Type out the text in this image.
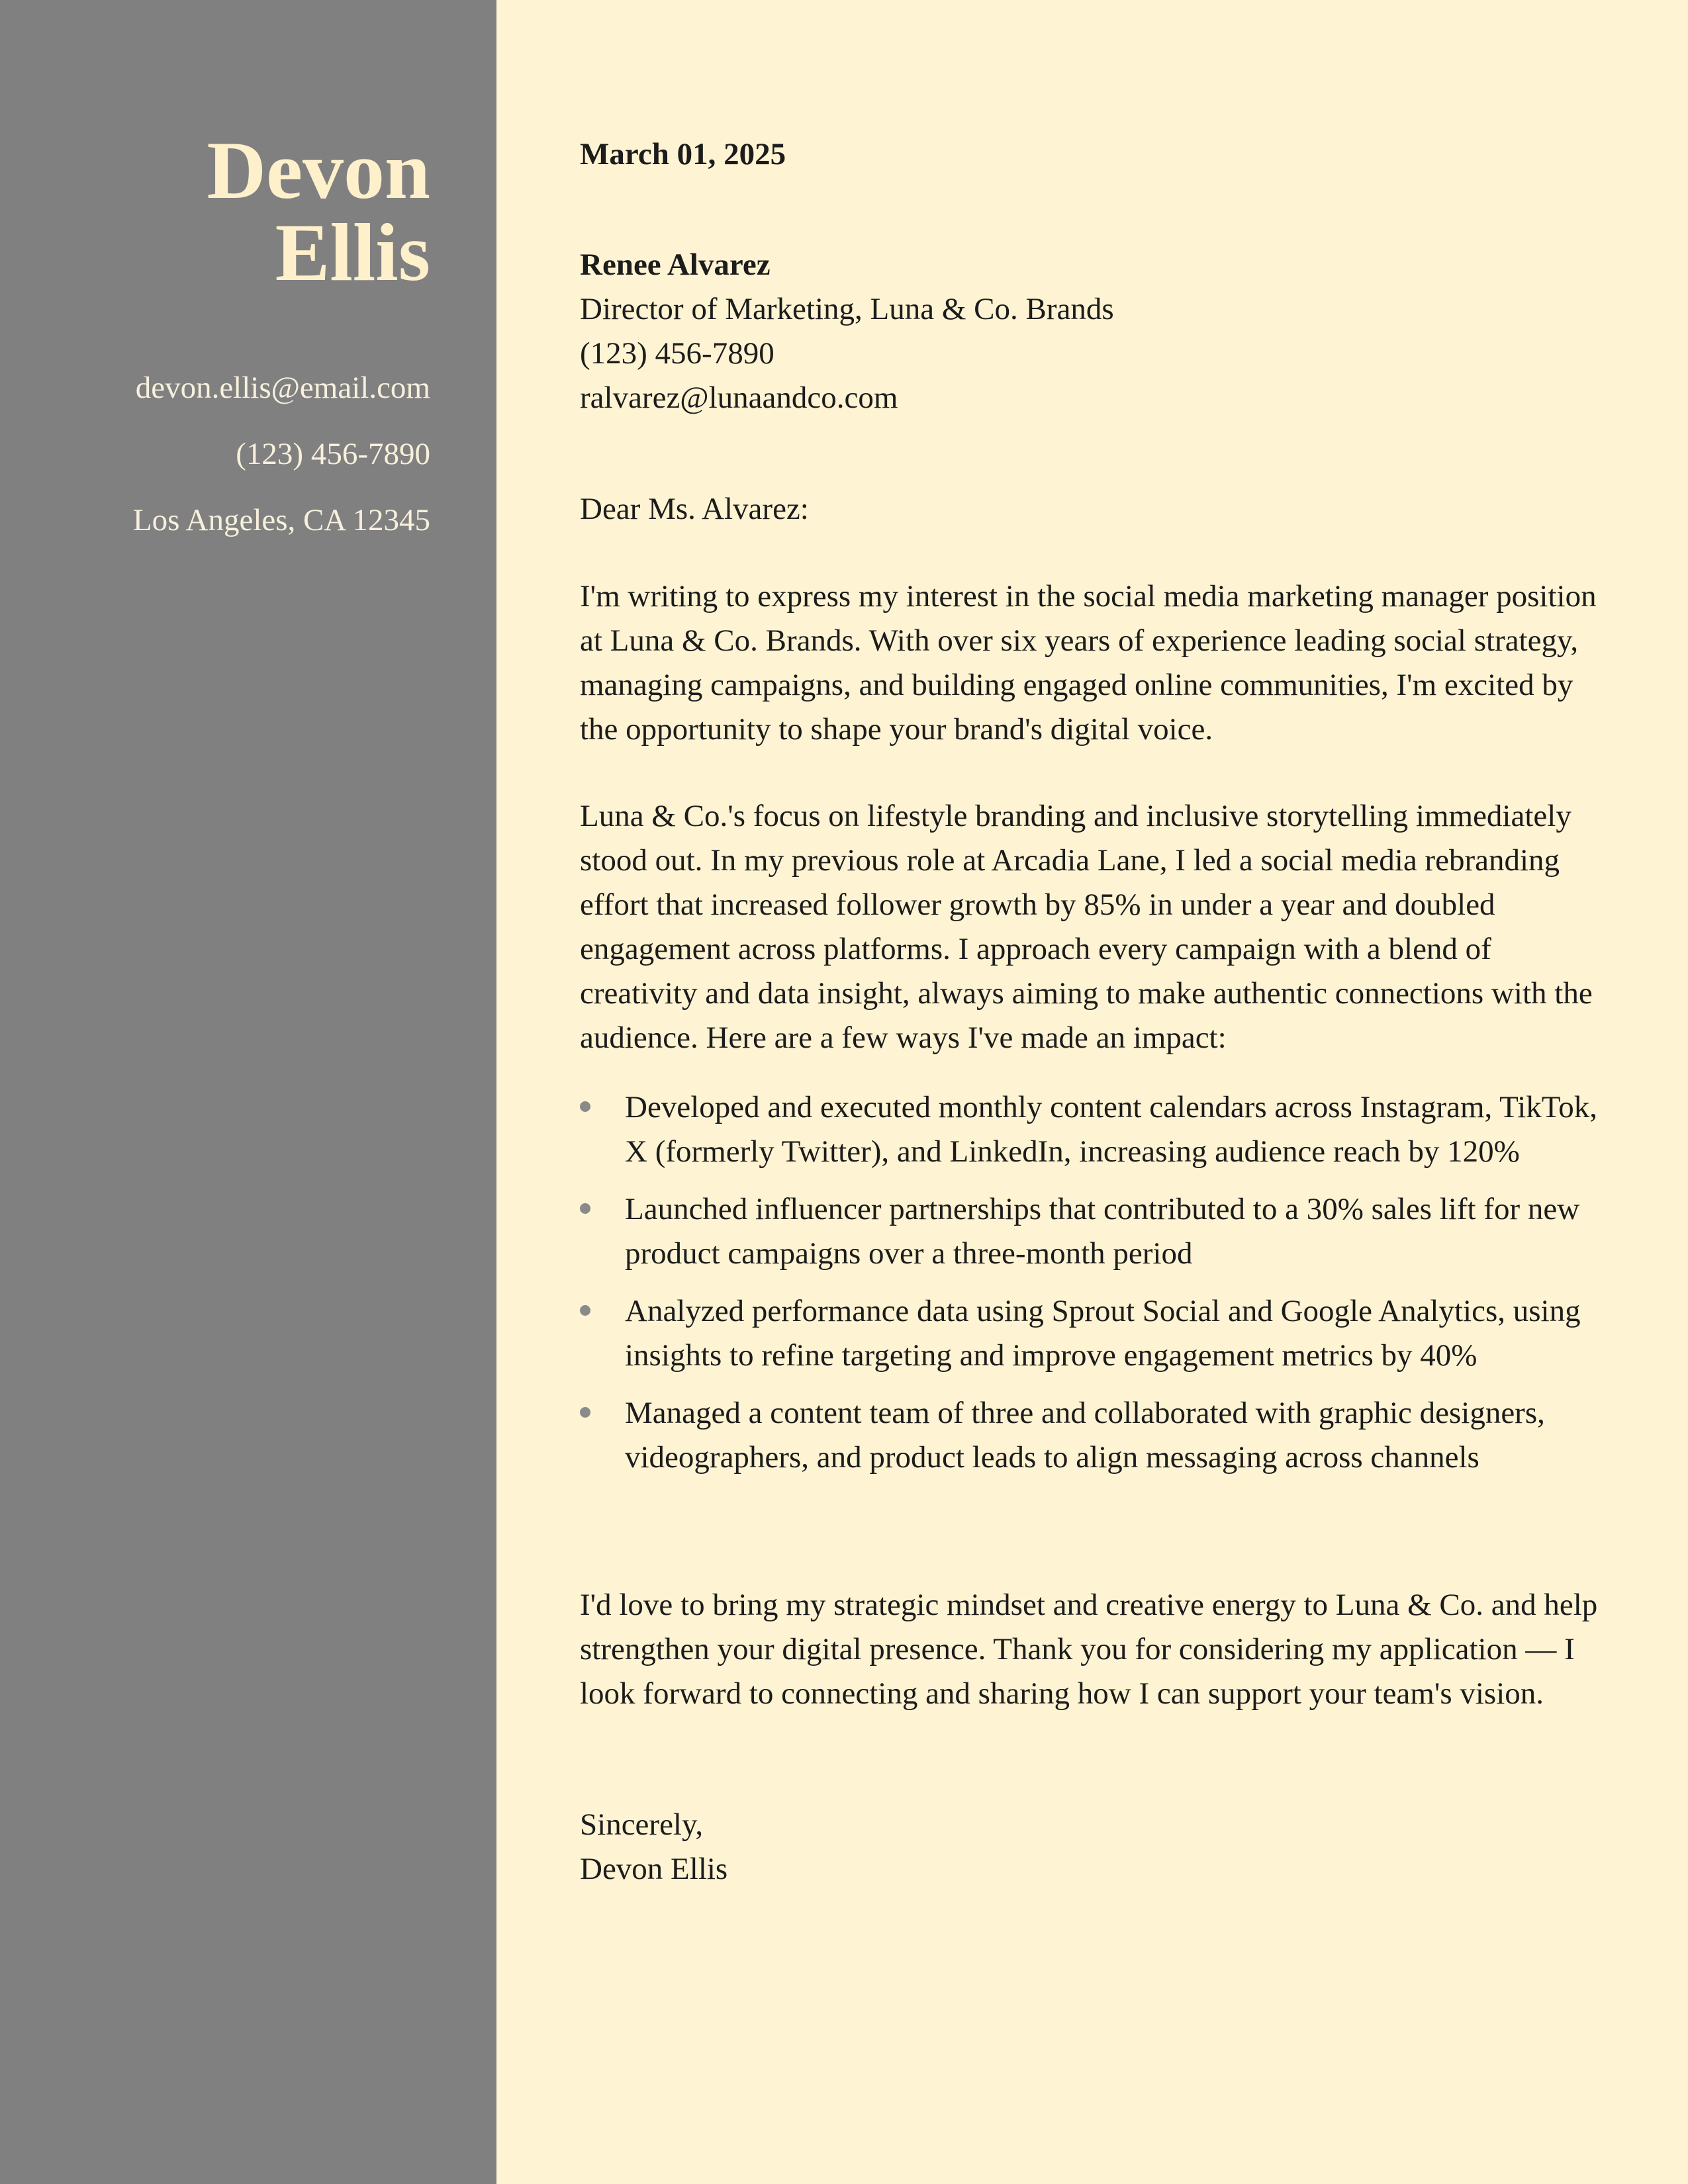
Devon
Ellis
devon.ellis@email.com
(123) 456-7890
Los Angeles, CA 12345
March 01, 2025
Renee Alvarez
Director of Marketing, Luna & Co. Brands
(123) 456-7890
ralvarez@lunaandco.com
Dear Ms. Alvarez:

I'm writing to express my interest in the social media marketing manager position at Luna & Co. Brands. With over six years of experience leading social strategy, managing campaigns, and building engaged online communities, I'm excited by the opportunity to shape your brand's digital voice.

Luna & Co.'s focus on lifestyle branding and inclusive storytelling immediately stood out. In my previous role at Arcadia Lane, I led a social media rebranding effort that increased follower growth by 85% in under a year and doubled engagement across platforms. I approach every campaign with a blend of creativity and data insight, always aiming to make authentic connections with the audience. Here are a few ways I've made an impact:

Developed and executed monthly content calendars across Instagram, TikTok, X (formerly Twitter), and LinkedIn, increasing audience reach by 120%
Launched influencer partnerships that contributed to a 30% sales lift for new product campaigns over a three-month period
Analyzed performance data using Sprout Social and Google Analytics, using insights to refine targeting and improve engagement metrics by 40%
Managed a content team of three and collaborated with graphic designers, videographers, and product leads to align messaging across channels

I'd love to bring my strategic mindset and creative energy to Luna & Co. and help strengthen your digital presence. Thank you for considering my application — I look forward to connecting and sharing how I can support your team's vision.

Sincerely,
Devon Ellis
